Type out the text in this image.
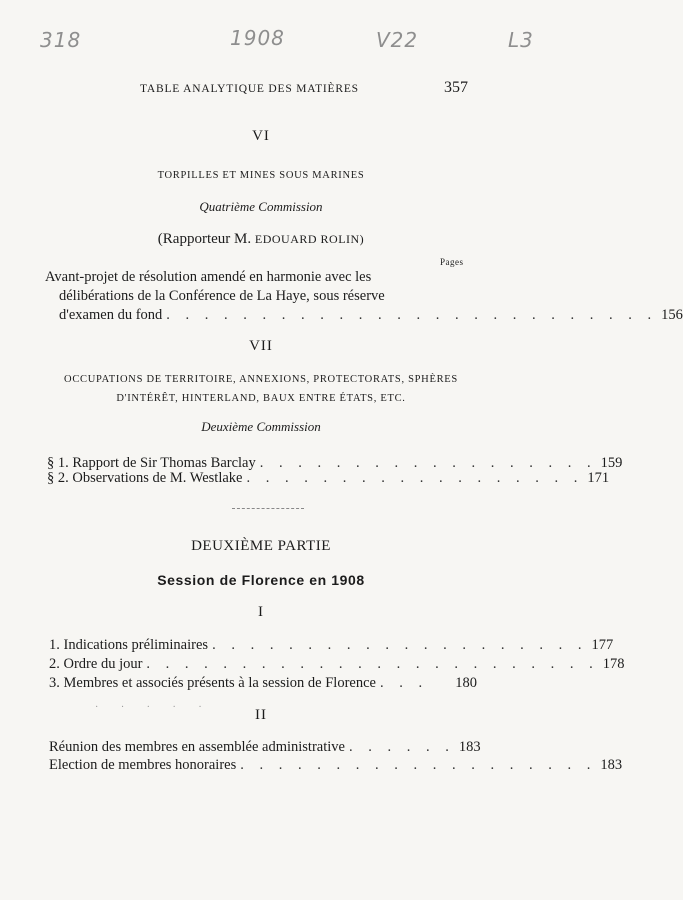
318	1908	V22	L3
TABLE ANALYTIQUE DES MATIÈRES	357
VI
TORPILLES ET MINES SOUS MARINES
Quatrième Commission
(Rapporteur M. EDOUARD ROLIN)
Pages
Avant-projet de résolution amendé en harmonie avec les
délibérations de la Conférence de La Haye, sous réserve
d'examen du fond . . . . . . . . . . . . . . . . . . . . . . . . . . 156
VII
OCCUPATIONS DE TERRITOIRE, ANNEXIONS, PROTECTORATS, SPHÈRES
D'INTÉRÊT, HINTERLAND, BAUX ENTRE ÉTATS, ETC.
Deuxième Commission
§ 1. Rapport de Sir Thomas Barclay . . . . . . . . . . . . . . . . . . 159
§ 2. Observations de M. Westlake . . . . . . . . . . . . . . . . . . 171
DEUXIÈME PARTIE
Session de Florence en 1908
I
1. Indications préliminaires . . . . . . . . . . . . . . . . . . . . 177
2. Ordre du jour . . . . . . . . . . . . . . . . . . . . . . . . 178
3. Membres et associés présents à la session de Florence . . .	180
· · · · ·	II
Réunion des membres en assemblée administrative . . . . . . 183
Election de membres honoraires . . . . . . . . . . . . . . . . . . . 183
